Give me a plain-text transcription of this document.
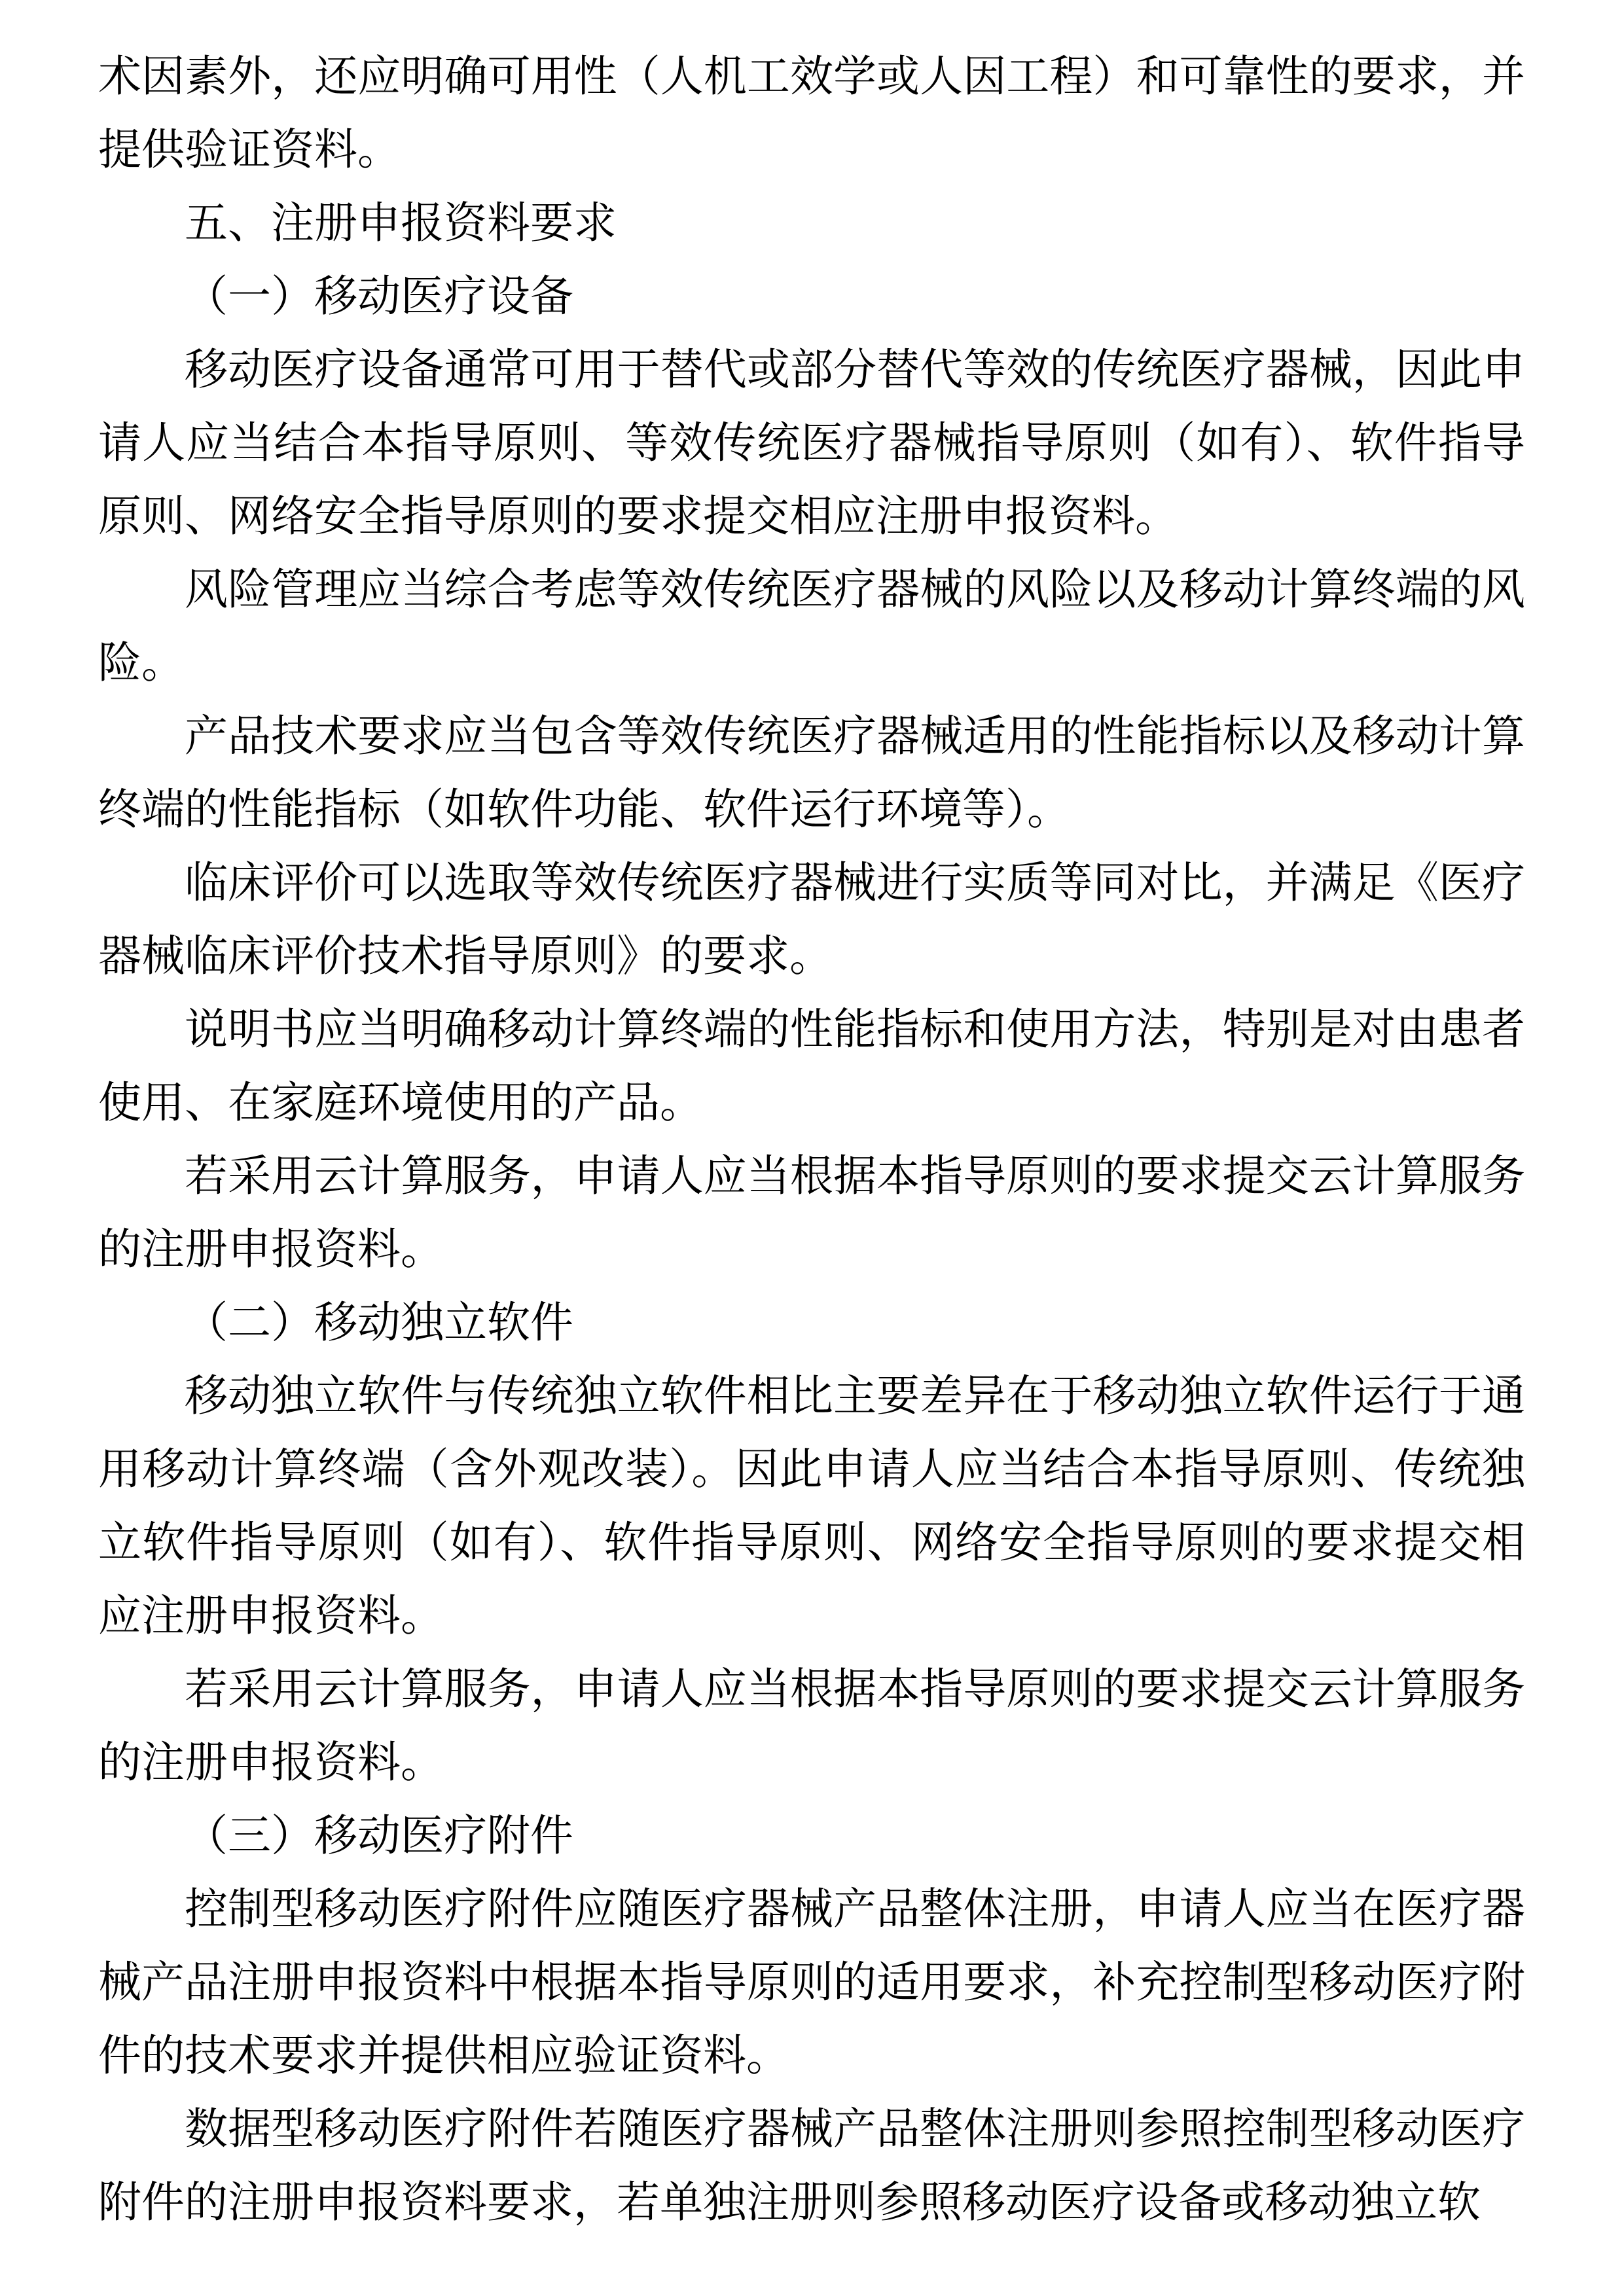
术因素外，还应明确可用性（人机工效学或人因工程）和可靠性的要求，并提供验证资料。

五、注册申报资料要求

（一）移动医疗设备

移动医疗设备通常可用于替代或部分替代等效的传统医疗器械，因此申请人应当结合本指导原则、等效传统医疗器械指导原则（如有）、软件指导原则、网络安全指导原则的要求提交相应注册申报资料。

风险管理应当综合考虑等效传统医疗器械的风险以及移动计算终端的风险。

产品技术要求应当包含等效传统医疗器械适用的性能指标以及移动计算终端的性能指标（如软件功能、软件运行环境等）。

临床评价可以选取等效传统医疗器械进行实质等同对比，并满足《医疗器械临床评价技术指导原则》的要求。

说明书应当明确移动计算终端的性能指标和使用方法，特别是对由患者使用、在家庭环境使用的产品。

若采用云计算服务，申请人应当根据本指导原则的要求提交云计算服务的注册申报资料。

（二）移动独立软件

移动独立软件与传统独立软件相比主要差异在于移动独立软件运行于通用移动计算终端（含外观改装）。因此申请人应当结合本指导原则、传统独立软件指导原则（如有）、软件指导原则、网络安全指导原则的要求提交相应注册申报资料。

若采用云计算服务，申请人应当根据本指导原则的要求提交云计算服务的注册申报资料。

（三）移动医疗附件

控制型移动医疗附件应随医疗器械产品整体注册，申请人应当在医疗器械产品注册申报资料中根据本指导原则的适用要求，补充控制型移动医疗附件的技术要求并提供相应验证资料。

数据型移动医疗附件若随医疗器械产品整体注册则参照控制型移动医疗附件的注册申报资料要求，若单独注册则参照移动医疗设备或移动独立软
